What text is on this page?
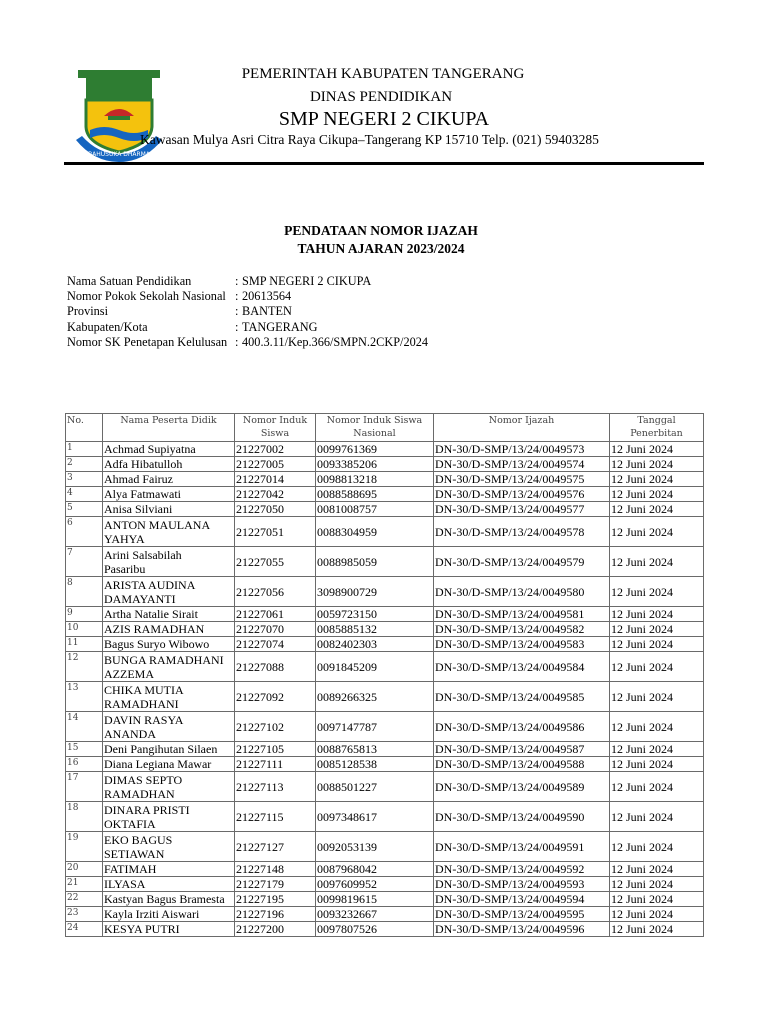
BAHUSUKA DHARMA
PEMERINTAH KABUPATEN TANGERANG
DINAS PENDIDIKAN
SMP NEGERI 2 CIKUPA
Kawasan Mulya Asri Citra Raya Cikupa–Tangerang KP 15710 Telp. (021) 59403285
PENDATAAN NOMOR IJAZAH
TAHUN AJARAN 2023/2024
Nama Satuan Pendidikan	: SMP NEGERI 2 CIKUPA
Nomor Pokok Sekolah Nasional : 20613564
Provinsi	: BANTEN
Kabupaten/Kota	: TANGERANG
Nomor SK Penetapan Kelulusan : 400.3.11/Kep.366/SMPN.2CKP/2024
No.	Nama Peserta Didik	Nomor Induk Siswa	Nomor Induk Siswa Nasional	Nomor Ijazah	Tanggal Penerbitan
1	Achmad Supiyatna	21227002	0099761369	DN-30/D-SMP/13/24/0049573	12 Juni 2024
2	Adfa Hibatulloh	21227005	0093385206	DN-30/D-SMP/13/24/0049574	12 Juni 2024
3	Ahmad Fairuz	21227014	0098813218	DN-30/D-SMP/13/24/0049575	12 Juni 2024
4	Alya Fatmawati	21227042	0088588695	DN-30/D-SMP/13/24/0049576	12 Juni 2024
5	Anisa Silviani	21227050	0081008757	DN-30/D-SMP/13/24/0049577	12 Juni 2024
6	ANTON MAULANA
YAHYA	21227051	0088304959	DN-30/D-SMP/13/24/0049578	12 Juni 2024
7	Arini Salsabilah
Pasaribu	21227055	0088985059	DN-30/D-SMP/13/24/0049579	12 Juni 2024
8	ARISTA AUDINA
DAMAYANTI	21227056	3098900729	DN-30/D-SMP/13/24/0049580	12 Juni 2024
9	Artha Natalie Sirait	21227061	0059723150	DN-30/D-SMP/13/24/0049581	12 Juni 2024
10	AZIS RAMADHAN	21227070	0085885132	DN-30/D-SMP/13/24/0049582	12 Juni 2024
11	Bagus Suryo Wibowo	21227074	0082402303	DN-30/D-SMP/13/24/0049583	12 Juni 2024
12	BUNGA RAMADHANI
AZZEMA	21227088	0091845209	DN-30/D-SMP/13/24/0049584	12 Juni 2024
13	CHIKA MUTIA
RAMADHANI	21227092	0089266325	DN-30/D-SMP/13/24/0049585	12 Juni 2024
14	DAVIN RASYA
ANANDA	21227102	0097147787	DN-30/D-SMP/13/24/0049586	12 Juni 2024
15	Deni Pangihutan Silaen	21227105	0088765813	DN-30/D-SMP/13/24/0049587	12 Juni 2024
16	Diana Legiana Mawar	21227111	0085128538	DN-30/D-SMP/13/24/0049588	12 Juni 2024
17	DIMAS SEPTO
RAMADHAN	21227113	0088501227	DN-30/D-SMP/13/24/0049589	12 Juni 2024
18	DINARA PRISTI
OKTAFIA	21227115	0097348617	DN-30/D-SMP/13/24/0049590	12 Juni 2024
19	EKO BAGUS
SETIAWAN	21227127	0092053139	DN-30/D-SMP/13/24/0049591	12 Juni 2024
20	FATIMAH	21227148	0087968042	DN-30/D-SMP/13/24/0049592	12 Juni 2024
21	ILYASA	21227179	0097609952	DN-30/D-SMP/13/24/0049593	12 Juni 2024
22	Kastyan Bagus Bramesta	21227195	0099819615	DN-30/D-SMP/13/24/0049594	12 Juni 2024
23	Kayla Irziti Aiswari	21227196	0093232667	DN-30/D-SMP/13/24/0049595	12 Juni 2024
24	KESYA PUTRI	21227200	0097807526	DN-30/D-SMP/13/24/0049596	12 Juni 2024
